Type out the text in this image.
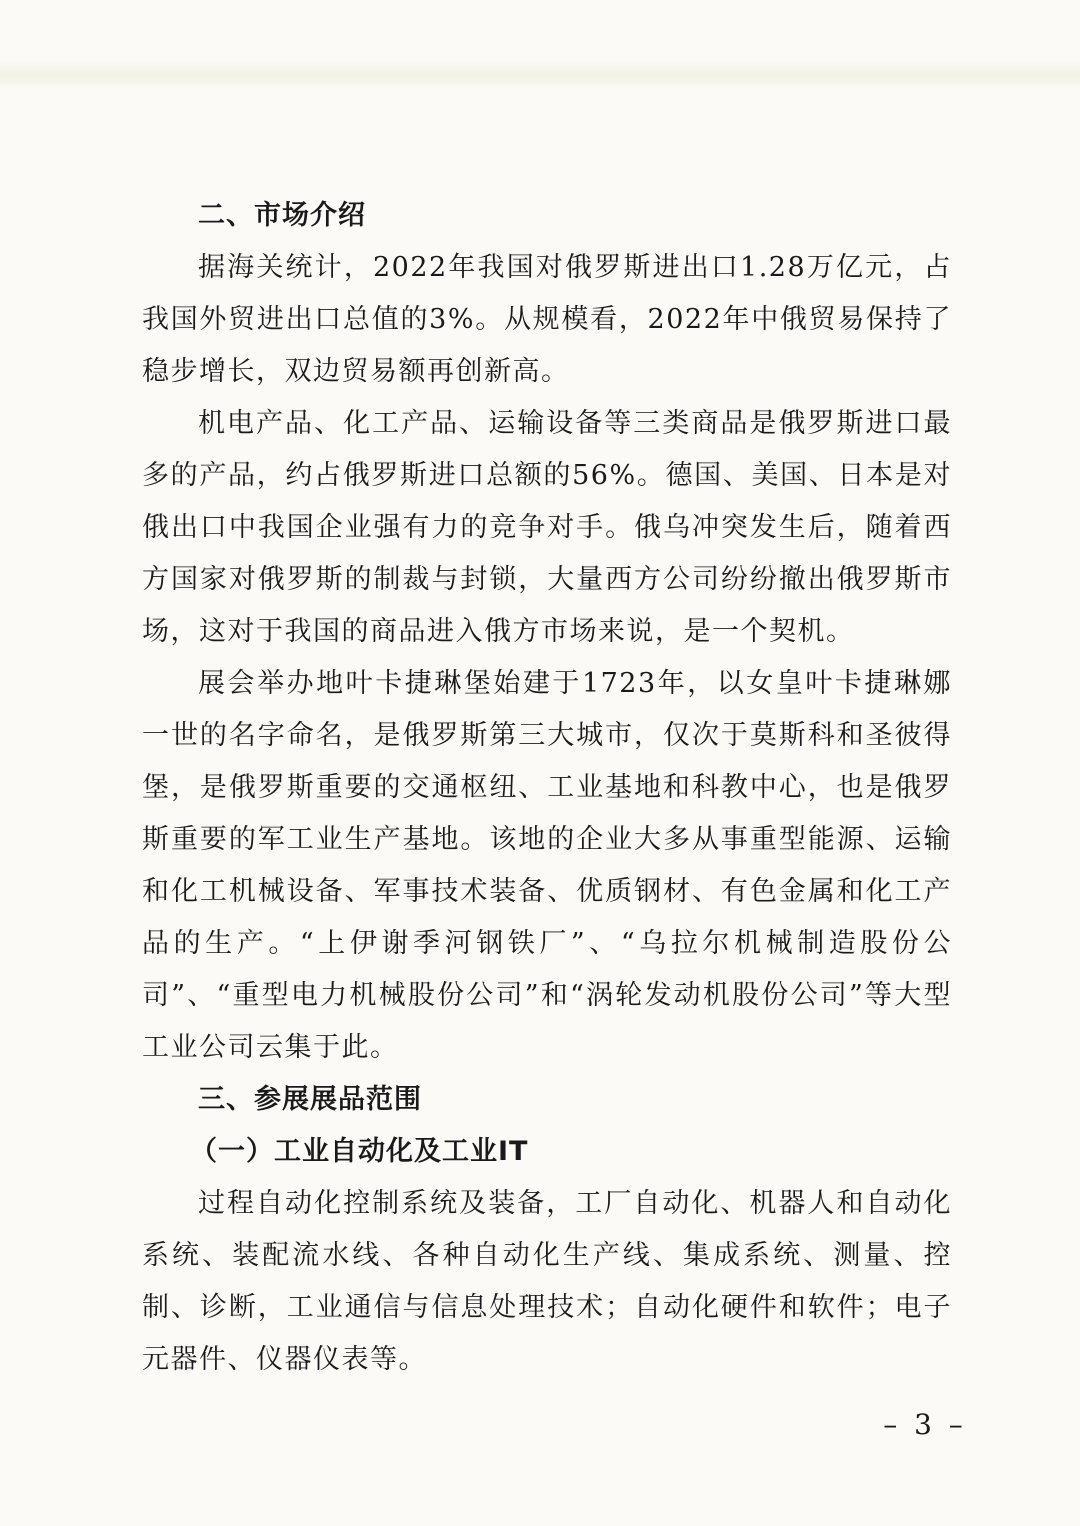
二、市场介绍

据海关统计，2022年我国对俄罗斯进出口1.28万亿元，占我国外贸进出口总值的3%。从规模看，2022年中俄贸易保持了稳步增长，双边贸易额再创新高。

机电产品、化工产品、运输设备等三类商品是俄罗斯进口最多的产品，约占俄罗斯进口总额的56%。德国、美国、日本是对俄出口中我国企业强有力的竞争对手。俄乌冲突发生后，随着西方国家对俄罗斯的制裁与封锁，大量西方公司纷纷撤出俄罗斯市场，这对于我国的商品进入俄方市场来说，是一个契机。

展会举办地叶卡捷琳堡始建于1723年，以女皇叶卡捷琳娜一世的名字命名，是俄罗斯第三大城市，仅次于莫斯科和圣彼得堡，是俄罗斯重要的交通枢纽、工业基地和科教中心，也是俄罗斯重要的军工业生产基地。该地的企业大多从事重型能源、运输和化工机械设备、军事技术装备、优质钢材、有色金属和化工产品的生产。“上伊谢季河钢铁厂”、“乌拉尔机械制造股份公司”、“重型电力机械股份公司”和“涡轮发动机股份公司”等大型工业公司云集于此。

三、参展展品范围
（一）工业自动化及工业IT

过程自动化控制系统及装备，工厂自动化、机器人和自动化系统、装配流水线、各种自动化生产线、集成系统、测量、控制、诊断，工业通信与信息处理技术；自动化硬件和软件；电子元器件、仪器仪表等。

– 3 –
